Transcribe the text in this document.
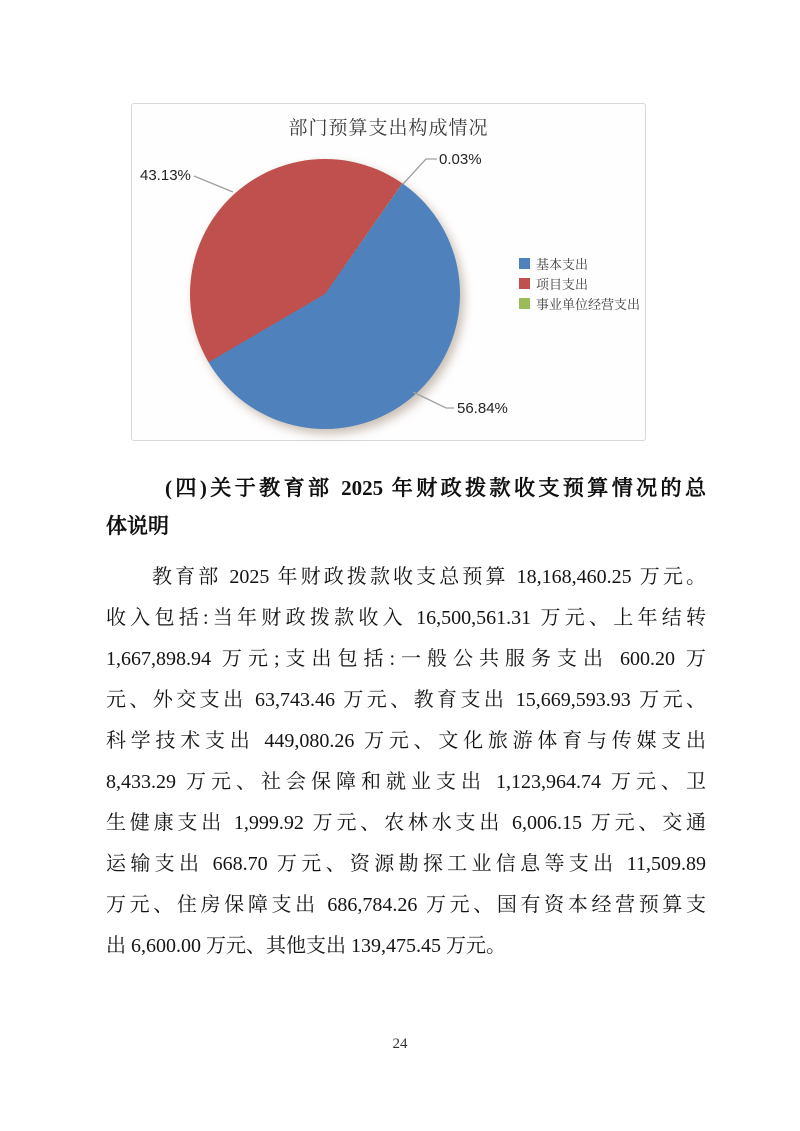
部门预算支出构成情况
43.13%
0.03%
56.84%
基本支出
项目支出
事业单位经营支出
(四)关于教育部 2025 年财政拨款收支预算情况的总
体说明
教育部 2025 年财政拨款收支总预算 18,168,460.25 万元。
收入包括:当年财政拨款收入 16,500,561.31 万元、上年结转
1,667,898.94 万元;支出包括:一般公共服务支出 600.20 万
元、外交支出 63,743.46 万元、教育支出 15,669,593.93 万元、
科学技术支出 449,080.26 万元、文化旅游体育与传媒支出
8,433.29 万元、社会保障和就业支出 1,123,964.74 万元、卫
生健康支出 1,999.92 万元、农林水支出 6,006.15 万元、交通
运输支出 668.70 万元、资源勘探工业信息等支出 11,509.89
万元、住房保障支出 686,784.26 万元、国有资本经营预算支
出 6,600.00 万元、其他支出 139,475.45 万元。
24
